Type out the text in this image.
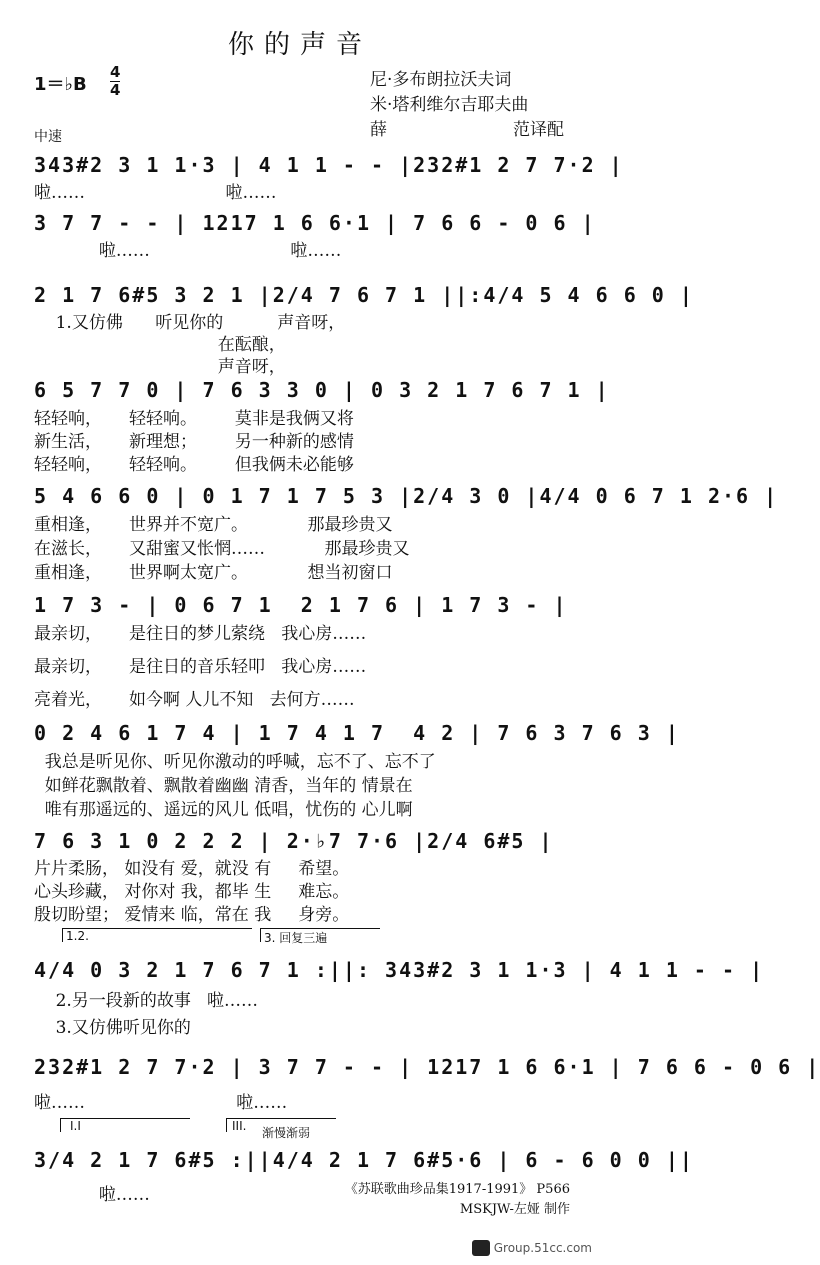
你的声音
1＝♭B
4
4	尼·多布朗拉沃夫词
米·塔利维尔吉耶夫曲
薛	范译配
中速
343#2 3 1 1·3 | 4 1 1 - - |232#1 2 7 7·2 |
啦……                          啦……
3 7 7 - - | 1217 1 6 6·1 | 7 6 6 - 0 6 |
啦……                          啦……
2 1 7 6#5 3 2 1 |2/4 7 6 7 1 ||:4/4 5 4 6 6 0 |
1.又仿佛      听见你的          声音呀，
在酝酿，
声音呀，
6 5 7 7 0 | 7 6 3 3 0 | 0 3 2 1 7 6 7 1 |
轻轻响，     轻轻响。       莫非是我俩又将
新生活，     新理想；       另一种新的感情
轻轻响，     轻轻响。       但我俩未必能够
5 4 6 6 0 | 0 1 7 1 7 5 3 |2/4 3 0 |4/4 0 6 7 1 2·6 |
重相逢，     世界并不宽广。           那最珍贵又
在滋长，     又甜蜜又怅惘……           那最珍贵又
重相逢，     世界啊太宽广。           想当初窗口
1 7 3 - | 0 6 7 1  2 1 7 6 | 1 7 3 - |
最亲切，     是往日的梦儿萦绕   我心房……
最亲切，     是往日的音乐轻叩   我心房……
亮着光，     如今啊 人儿不知   去何方……
0 2 4 6 1 7 4 | 1 7 4 1 7  4 2 | 7 6 3 7 6 3 |
我总是听见你、听见你激动的呼喊，忘不了、忘不了
如鲜花飘散着、飘散着幽幽 清香，当年的 情景在
唯有那遥远的、遥远的风儿 低唱，忧伤的 心儿啊
7 6 3 1 0 2 2 2 | 2·♭7 7·6 |2/4 6#5 |
片片柔肠， 如没有 爱，就没 有     希望。
心头珍藏， 对你对 我，都毕 生     难忘。
殷切盼望； 爱情来 临，常在 我     身旁。
1.2.	3. 回复三遍
4/4 0 3 2 1 7 6 7 1 :||: 343#2 3 1 1·3 | 4 1 1 - - |
2.另一段新的故事   啦……
3.又仿佛听见你的
232#1 2 7 7·2 | 3 7 7 - - | 1217 1 6 6·1 | 7 6 6 - 0 6 |
啦……                            啦……
I.I	III. 渐慢渐弱
3/4 2 1 7 6#5 :||4/4 2 1 7 6#5·6 | 6 - 6 0 0 ||
啦……	《苏联歌曲珍品集1917-1991》 P566
MSKJW-左娅 制作
Group.51cc.com
